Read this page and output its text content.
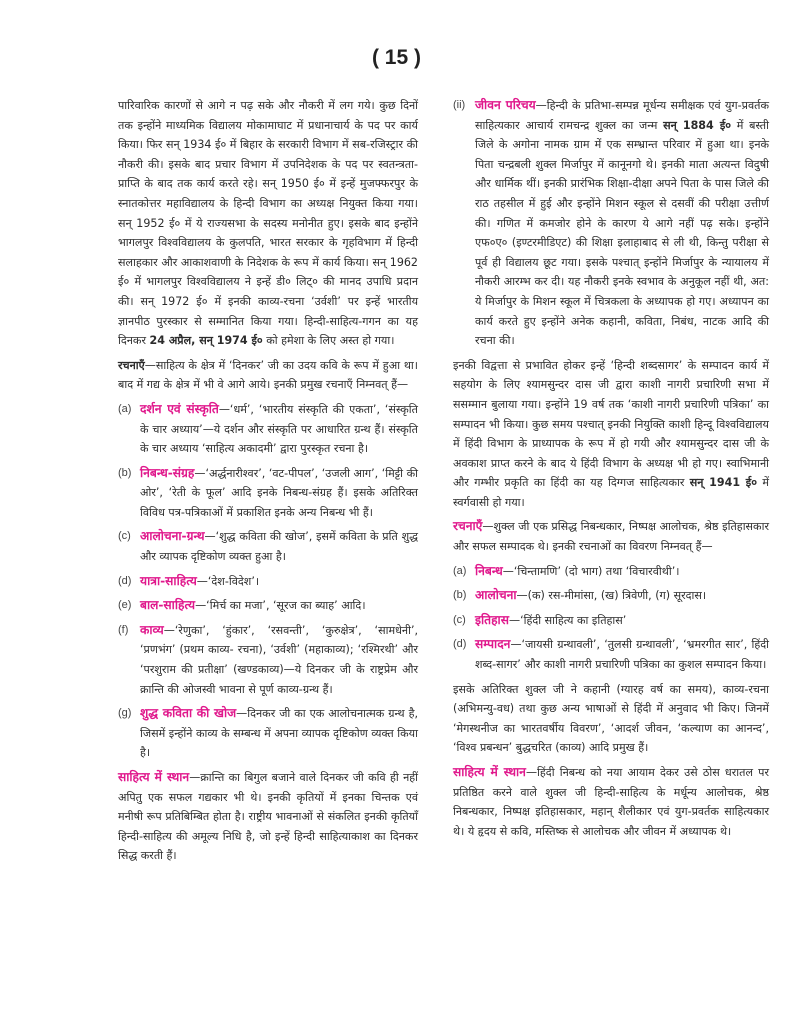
( 15 )

पारिवारिक कारणों से आगे न पढ़ सके और नौकरी में लग गये। कुछ दिनों तक इन्होंने माध्यमिक विद्यालय मोकामाघाट में प्रधानाचार्य के पद पर कार्य किया। फिर सन् 1934 ई० में बिहार के सरकारी विभाग में सब-रजिस्ट्रार की नौकरी की। इसके बाद प्रचार विभाग में उपनिदेशक के पद पर स्वतन्त्रता-प्राप्ति के बाद तक कार्य करते रहे। सन् 1950 ई० में इन्हें मुजफ्फरपुर के स्नातकोत्तर महाविद्यालय के हिन्दी विभाग का अध्यक्ष नियुक्त किया गया। सन् 1952 ई० में ये राज्यसभा के सदस्य मनोनीत हुए। इसके बाद इन्होंने भागलपुर विश्वविद्यालय के कुलपति, भारत सरकार के गृहविभाग में हिन्दी सलाहकार और आकाशवाणी के निदेशक के रूप में कार्य किया। सन् 1962 ई० में भागलपुर विश्वविद्यालय ने इन्हें डी० लिट्० की मानद उपाधि प्रदान की। सन् 1972 ई० में इनकी काव्य-रचना ‘उर्वशी’ पर इन्हें भारतीय ज्ञानपीठ पुरस्कार से सम्मानित किया गया। हिन्दी-साहित्य-गगन का यह दिनकर 24 अप्रैल, सन् 1974 ई० को हमेशा के लिए अस्त हो गया।

रचनाएँ—साहित्य के क्षेत्र में ‘दिनकर’ जी का उदय कवि के रूप में हुआ था। बाद में गद्य के क्षेत्र में भी वे आगे आये। इनकी प्रमुख रचनाएँ निम्नवत् हैं—

(a) दर्शन एवं संस्कृति—‘धर्म’, ‘भारतीय संस्कृति की एकता’, ‘संस्कृति के चार अध्याय’—ये दर्शन और संस्कृति पर आधारित ग्रन्थ हैं। संस्कृति के चार अध्याय ‘साहित्य अकादमी’ द्वारा पुरस्कृत रचना है।
(b) निबन्ध-संग्रह—‘अर्द्धनारीश्वर’, ‘वट-पीपल’, ‘उजली आग’, ‘मिट्टी की ओर’, ‘रेती के फूल’ आदि इनके निबन्ध-संग्रह हैं। इसके अतिरिक्त विविध पत्र-पत्रिकाओं में प्रकाशित इनके अन्य निबन्ध भी हैं।
(c) आलोचना-ग्रन्थ—‘शुद्ध कविता की खोज’, इसमें कविता के प्रति शुद्ध और व्यापक दृष्टिकोण व्यक्त हुआ है।
(d) यात्रा-साहित्य—‘देश-विदेश’।
(e) बाल-साहित्य—‘मिर्च का मजा’, ‘सूरज का ब्याह’ आदि।
(f) काव्य—‘रेणुका’, ‘हुंकार’, ‘रसवन्ती’, ‘कुरुक्षेत्र’, ‘सामधेनी’, ‘प्रणभंग’ (प्रथम काव्य- रचना), ‘उर्वशी’ (महाकाव्य); ‘रश्मिरथी’ और ‘परशुराम की प्रतीक्षा’ (खण्डकाव्य)—ये दिनकर जी के राष्ट्रप्रेम और क्रान्ति की ओजस्वी भावना से पूर्ण काव्य-ग्रन्थ हैं।
(g) शुद्ध कविता की खोज—दिनकर जी का एक आलोचनात्मक ग्रन्थ है, जिसमें इन्होंने काव्य के सम्बन्ध में अपना व्यापक दृष्टिकोण व्यक्त किया है।

साहित्य में स्थान—क्रान्ति का बिगुल बजाने वाले दिनकर जी कवि ही नहीं अपितु एक सफल गद्यकार भी थे। इनकी कृतियों में इनका चिन्तक एवं मनीषी रूप प्रतिबिम्बित होता है। राष्ट्रीय भावनाओं से संकलित इनकी कृतियाँ हिन्दी-साहित्य की अमूल्य निधि है, जो इन्हें हिन्दी साहित्याकाश का दिनकर सिद्ध करती हैं।

(ii) जीवन परिचय—हिन्दी के प्रतिभा-सम्पन्न मूर्धन्य समीक्षक एवं युग-प्रवर्तक साहित्यकार आचार्य रामचन्द्र शुक्ल का जन्म सन् 1884 ई० में बस्ती जिले के अगोना नामक ग्राम में एक सम्भ्रान्त परिवार में हुआ था। इनके पिता चन्द्रबली शुक्ल मिर्जापुर में कानूनगो थे। इनकी माता अत्यन्त विदुषी और धार्मिक थीं। इनकी प्रारंभिक शिक्षा-दीक्षा अपने पिता के पास जिले की राठ तहसील में हुई और इन्होंने मिशन स्कूल से दसवीं की परीक्षा उत्तीर्ण की। गणित में कमजोर होने के कारण ये आगे नहीं पढ़ सके। इन्होंने एफ०ए० (इण्टरमीडिएट) की शिक्षा इलाहाबाद से ली थी, किन्तु परीक्षा से पूर्व ही विद्यालय छूट गया। इसके पश्चात् इन्होंने मिर्जापुर के न्यायालय में नौकरी आरम्भ कर दी। यह नौकरी इनके स्वभाव के अनुकूल नहीं थी, अत: ये मिर्जापुर के मिशन स्कूल में चित्रकला के अध्यापक हो गए। अध्यापन का कार्य करते हुए इन्होंने अनेक कहानी, कविता, निबंध, नाटक आदि की रचना की।

इनकी विद्वत्ता से प्रभावित होकर इन्हें ‘हिन्दी शब्दसागर’ के सम्पादन कार्य में सहयोग के लिए श्यामसुन्दर दास जी द्वारा काशी नागरी प्रचारिणी सभा में ससम्मान बुलाया गया। इन्होंने 19 वर्ष तक ‘काशी नागरी प्रचारिणी पत्रिका’ का सम्पादन भी किया। कुछ समय पश्चात् इनकी नियुक्ति काशी हिन्दू विश्वविद्यालय में हिंदी विभाग के प्राध्यापक के रूप में हो गयी और श्यामसुन्दर दास जी के अवकाश प्राप्त करने के बाद ये हिंदी विभाग के अध्यक्ष भी हो गए। स्वाभिमानी और गम्भीर प्रकृति का हिंदी का यह दिग्गज साहित्यकार सन् 1941 ई० में स्वर्गवासी हो गया।

रचनाएँ—शुक्ल जी एक प्रसिद्ध निबन्धकार, निष्पक्ष आलोचक, श्रेष्ठ इतिहासकार और सफल सम्पादक थे। इनकी रचनाओं का विवरण निम्नवत् हैं—

(a) निबन्ध—‘चिन्तामणि’ (दो भाग) तथा ‘विचारवीथी’।
(b) आलोचना—(क) रस-मीमांसा, (ख) त्रिवेणी, (ग) सूरदास।
(c) इतिहास—‘हिंदी साहित्य का इतिहास’
(d) सम्पादन—‘जायसी ग्रन्थावली’, ‘तुलसी ग्रन्थावली’, ‘भ्रमरगीत सार’, हिंदी शब्द-सागर’ और काशी नागरी प्रचारिणी पत्रिका का कुशल सम्पादन किया।

इसके अतिरिक्त शुक्ल जी ने कहानी (ग्यारह वर्ष का समय), काव्य-रचना (अभिमन्यु-वध) तथा कुछ अन्य भाषाओं से हिंदी में अनुवाद भी किए। जिनमें ‘मेगस्थनीज का भारतवर्षीय विवरण’, ‘आदर्श जीवन, ‘कल्याण का आनन्द’, ‘विश्व प्रबन्धन’ बुद्धचरित (काव्य) आदि प्रमुख हैं।

साहित्य में स्थान—हिंदी निबन्ध को नया आयाम देकर उसे ठोस धरातल पर प्रतिष्ठित करने वाले शुक्ल जी हिन्दी-साहित्य के मर्धून्य आलोचक, श्रेष्ठ निबन्धकार, निष्पक्ष इतिहासकार, महान् शैलीकार एवं युग-प्रवर्तक साहित्यकार थे। ये हृदय से कवि, मस्तिष्क से आलोचक और जीवन में अध्यापक थे।
